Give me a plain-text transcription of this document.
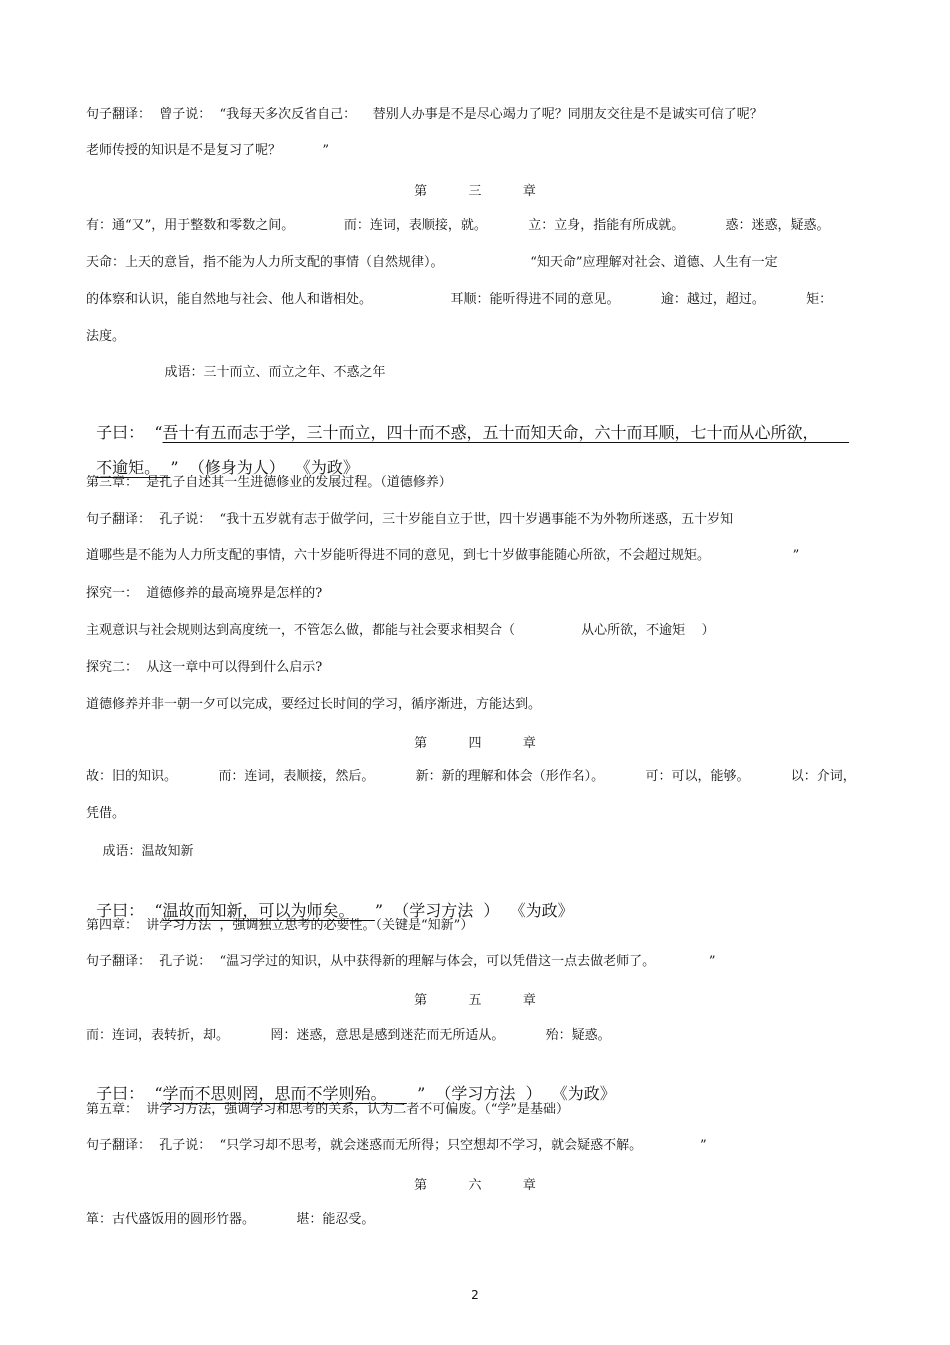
句子翻译：  曾子说：  “我每天多次反省自己：    替别人办事是不是尽心竭力了呢？同朋友交往是不是诚实可信了呢？
老师传授的知识是不是复习了呢？          ”
第          三          章
有：通“又”，用于整数和零数之间。            而：连词，表顺接，就。          立：立身，指能有所成就。          惑：迷惑，疑惑。
天命：上天的意旨，指不能为人力所支配的事情（自然规律）。                     “知天命”应理解对社会、道德、人生有一定
的体察和认识，能自然地与社会、他人和谐相处。                   耳顺：能听得进不同的意见。          逾：越过，超过。          矩：
法度。
成语：三十而立、而立之年、不惑之年

子曰：  “吾十有五而志于学，三十而立，四十而不惑，五十而知天命，六十而耳顺，七十而从心所欲，

不逾矩。  ”  （修身为人）  《为政》

第三章：  是孔子自述其一生进德修业的发展过程。（道德修养）
句子翻译：  孔子说：  “我十五岁就有志于做学问，三十岁能自立于世，四十岁遇事能不为外物所迷惑，五十岁知
道哪些是不能为人力所支配的事情，六十岁能听得进不同的意见，到七十岁做事能随心所欲，不会超过规矩。                    ”
探究一：  道德修养的最高境界是怎样的?
主观意识与社会规则达到高度统一，不管怎么做，都能与社会要求相契合（                从心所欲，不逾矩    ）
探究二：  从这一章中可以得到什么启示?
道德修养并非一朝一夕可以完成，要经过长时间的学习，循序渐进，方能达到。
第          四          章
故：旧的知识。          而：连词，表顺接，然后。          新：新的理解和体会（形作名）。          可：可以，能够。          以：介词，
凭借。
成语：温故知新

子曰：  “温故而知新，可以为师矣。    ”  （学习方法  ）  《为政》

第四章：  讲学习方法  ，强调独立思考的必要性。（关键是“知新”）
句子翻译：  孔子说：  “温习学过的知识，从中获得新的理解与体会，可以凭借这一点去做老师了。             ”
第          五          章
而：连词，表转折，却。          罔：迷惑，意思是感到迷茫而无所适从。          殆：疑惑。

子曰：  “学而不思则罔，思而不学则殆。      ”  （学习方法  ）  《为政》

第五章：  讲学习方法，强调学习和思考的关系，认为二者不可偏废。（“学”是基础）
句子翻译：  孔子说：  “只学习却不思考，就会迷惑而无所得；只空想却不学习，就会疑惑不解。              ”
第          六          章
箪：古代盛饭用的圆形竹器。          堪：能忍受。
2
